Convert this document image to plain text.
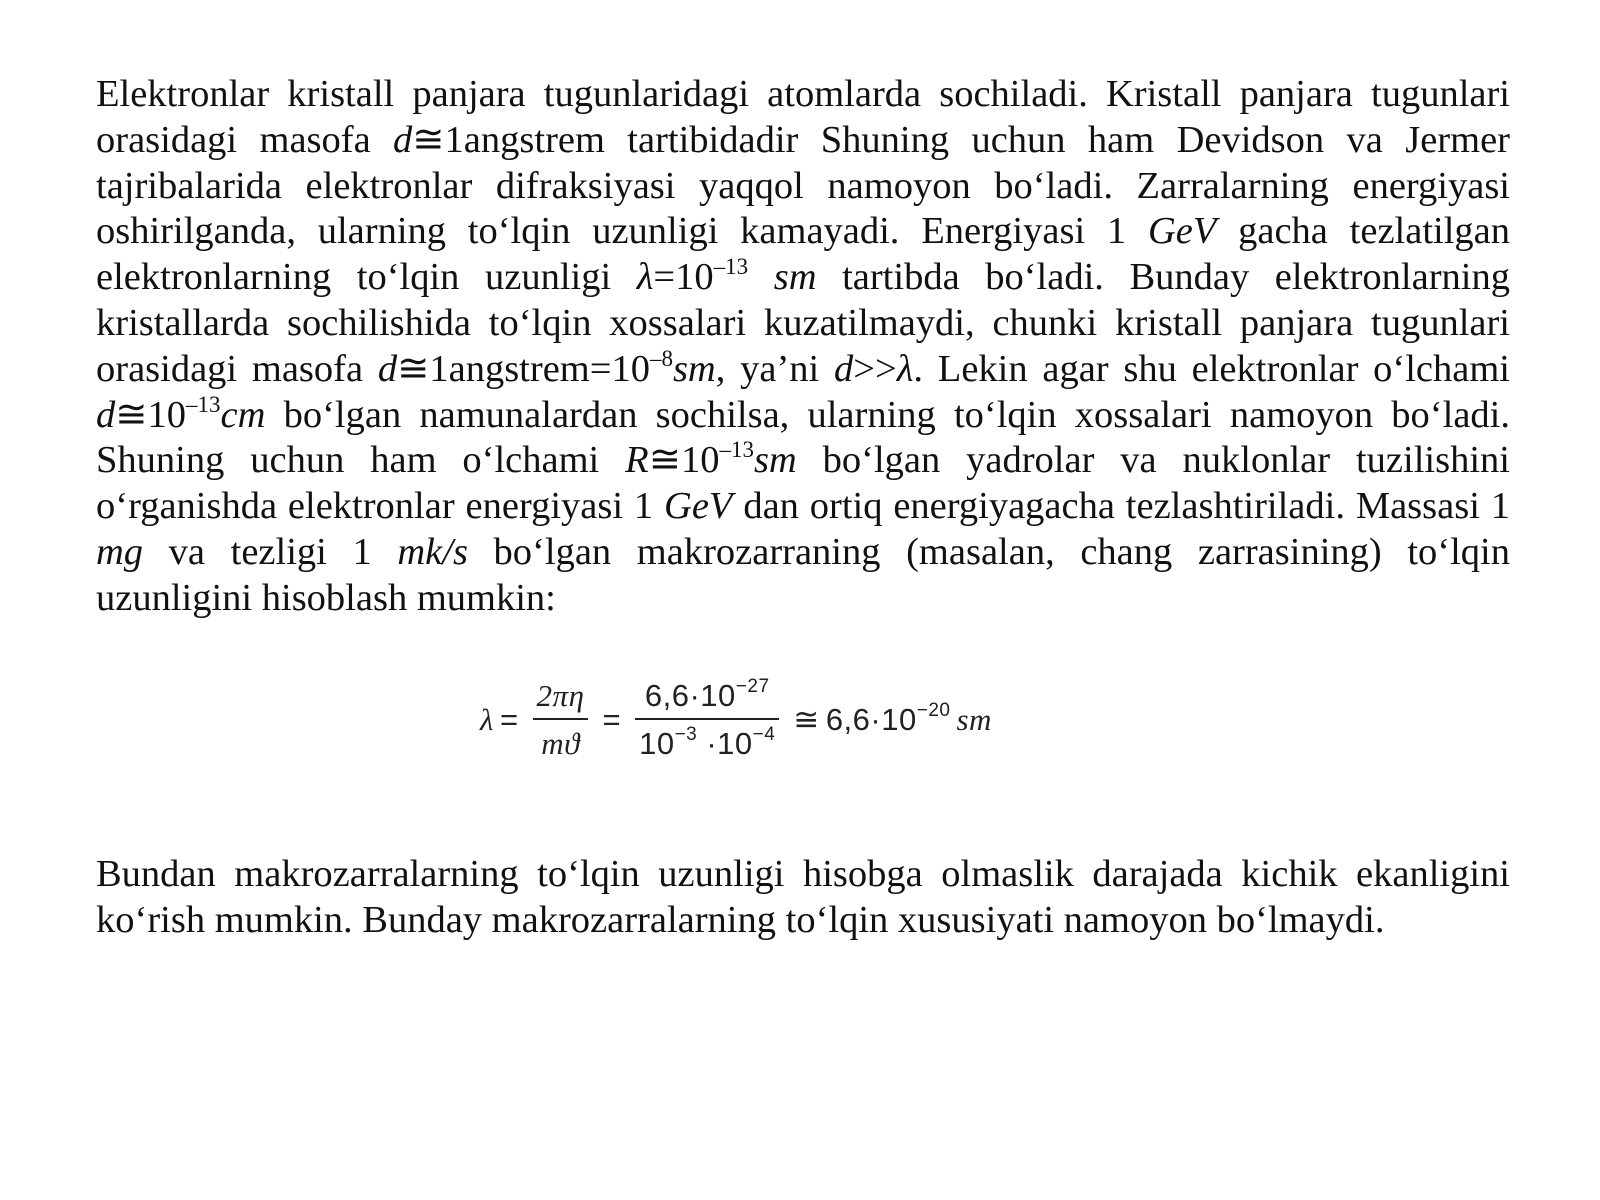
Elektronlar kristall panjara tugunlaridagi atomlarda sochiladi. Kristall panjara tugunlari orasidagi masofa d≅1angstrem tartibidadir Shuning uchun ham Devidson va Jermer tajribalarida elektronlar difraksiyasi yaqqol namoyon bo‘ladi. Zarralarning energiyasi oshirilganda, ularning to‘lqin uzunligi kamayadi. Energiyasi 1 GeV gacha tezlatilgan elektronlarning to‘lqin uzunligi $\lambda=10^{-13}$ sm tartibda bo‘ladi. Bunday elektronlarning kristallarda sochilishida to‘lqin xossalari kuzatilmaydi, chunki kristall panjara tugunlari orasidagi masofa $d≅1angstrem=10^{-8}sm$, ya’ni d>>λ. Lekin agar shu elektronlar o‘lchami $d≅10^{-13}cm$ bo‘lgan namunalardan sochilsa, ularning to‘lqin xossalari namoyon bo‘ladi. Shuning uchun ham o‘lchami $R≅10^{-13}sm$ bo‘lgan yadrolar va nuklonlar tuzilishini o‘rganishda elektronlar energiyasi 1 GeV dan ortiq energiyagacha tezlashtiriladi. Massasi 1 mg va tezligi 1 mk/s bo‘lgan makrozarraning (masalan, chang zarrasining) to‘lqin uzunligini hisoblash mumkin:

$\lambda = \frac{2\pi\eta}{mϑ} = \frac{6,6\cdot 10^{-27}}{10^{-3} \cdot 10^{-4}}$ ≅ $6,6\cdot 10^{-20}$ sm

Bundan makrozarralarning to‘lqin uzunligi hisobga olmaslik darajada kichik ekanligini ko‘rish mumkin. Bunday makrozarralarning to‘lqin xususiyati namoyon bo‘lmaydi.
